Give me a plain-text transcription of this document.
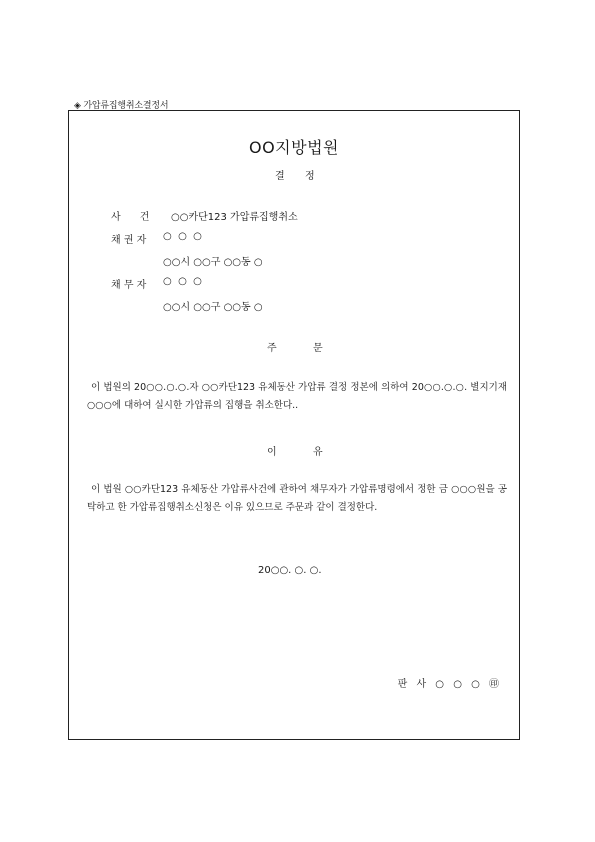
◈ 가압류집행취소결정서
OO지방법원
결 정
사      건 ○○카단123 가압류집행취소
채 권 자 ○  ○  ○
○○시 ○○구 ○○동 ○
채 무 자 ○  ○  ○
○○시 ○○구 ○○동 ○
주	문
이 법원의 20○○.○.○.자 ○○카단123 유체동산 가압류 결정 정본에 의하여 20○○.○.○. 별지기재 ○○○에 대하여 실시한 가압류의 집행을 취소한다..
이	유
이 법원 ○○카단123 유체동산 가압류사건에 관하여 채무자가 가압류명령에서 정한 금 ○○○원을 공탁하고 한 가압류집행취소신청은 이유 있으므로 주문과 같이 결정한다.
20○○. ○. ○.
판 사 ○ ○ ○ ㊞
